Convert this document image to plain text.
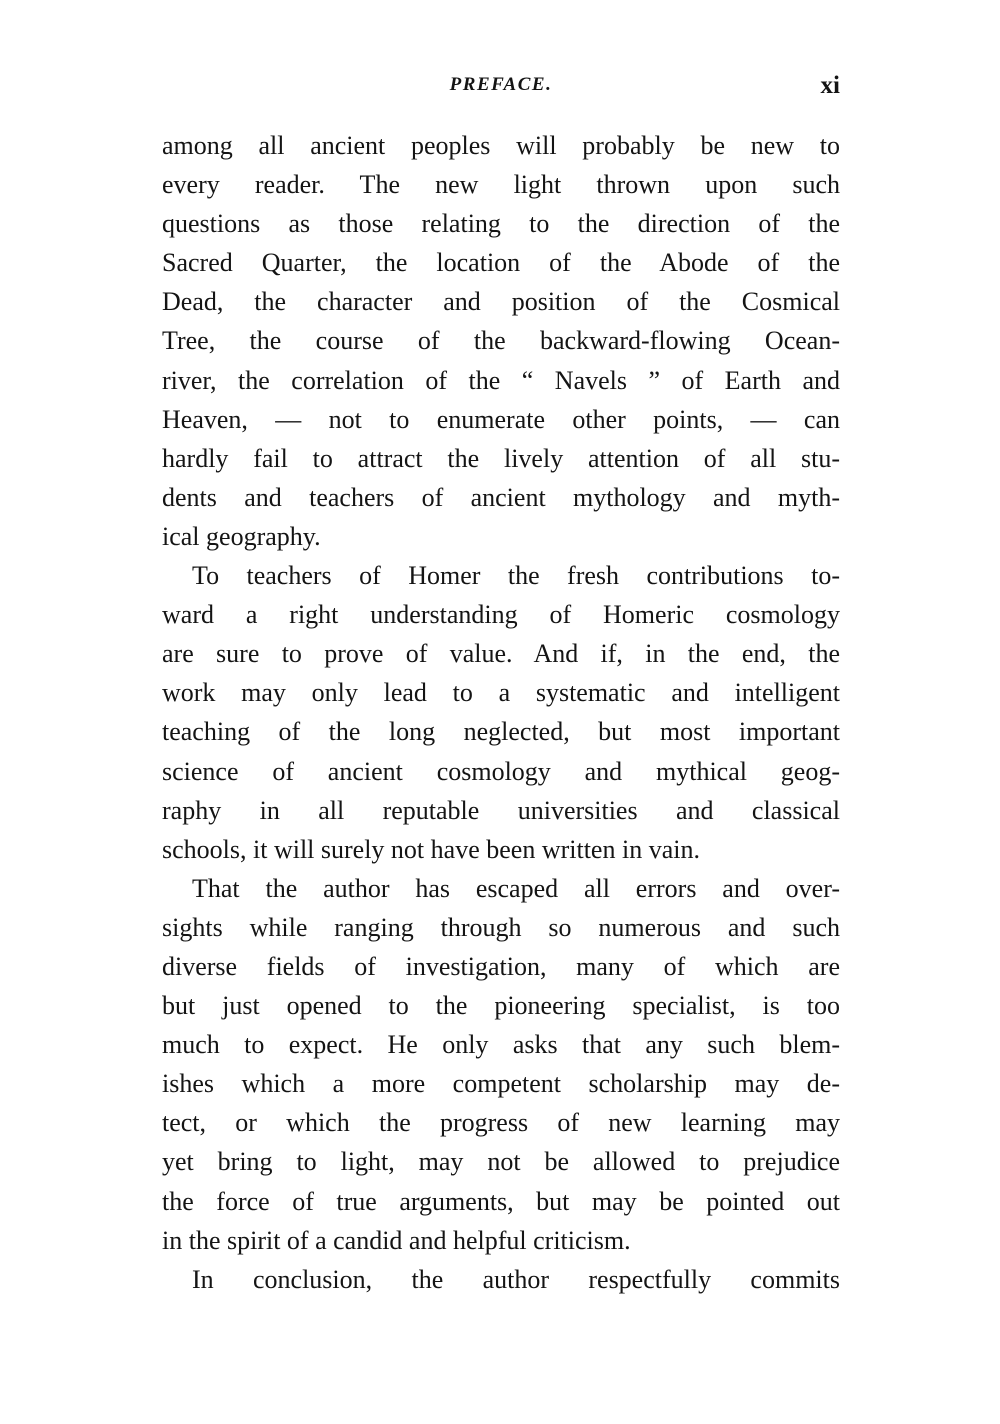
PREFACE.	xi
among all ancient peoples will probably be new to
every reader. The new light thrown upon such
questions as those relating to the direction of the
Sacred Quarter, the location of the Abode of the
Dead, the character and position of the Cosmical
Tree, the course of the backward-flowing Ocean-
river, the correlation of the “ Navels ” of Earth and
Heaven, — not to enumerate other points, — can
hardly fail to attract the lively attention of all stu-
dents and teachers of ancient mythology and myth-
ical geography.
To teachers of Homer the fresh contributions to-
ward a right understanding of Homeric cosmology
are sure to prove of value. And if, in the end, the
work may only lead to a systematic and intelligent
teaching of the long neglected, but most important
science of ancient cosmology and mythical geog-
raphy in all reputable universities and classical
schools, it will surely not have been written in vain.
That the author has escaped all errors and over-
sights while ranging through so numerous and such
diverse fields of investigation, many of which are
but just opened to the pioneering specialist, is too
much to expect. He only asks that any such blem-
ishes which a more competent scholarship may de-
tect, or which the progress of new learning may
yet bring to light, may not be allowed to prejudice
the force of true arguments, but may be pointed out
in the spirit of a candid and helpful criticism.
In conclusion, the author respectfully commits
